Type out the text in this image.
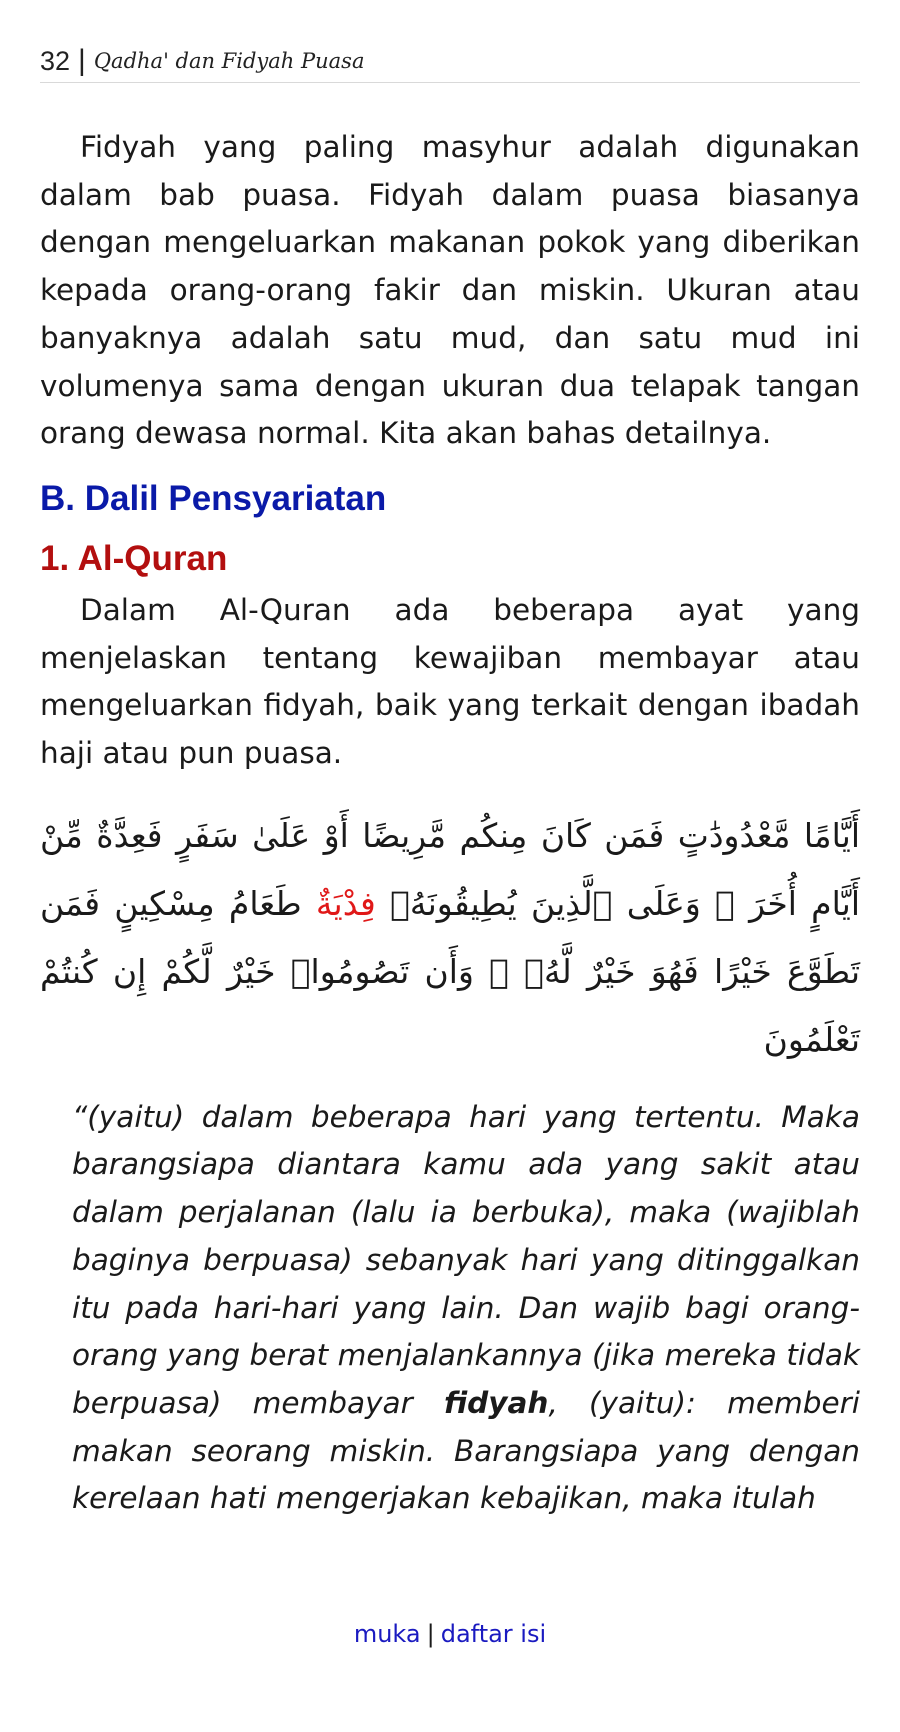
32 | Qadha' dan Fidyah Puasa

Fidyah yang paling masyhur adalah digunakan dalam bab puasa. Fidyah dalam puasa biasanya dengan mengeluarkan makanan pokok yang diberikan kepada orang-orang fakir dan miskin. Ukuran atau banyaknya adalah satu mud, dan satu mud ini volumenya sama dengan ukuran dua telapak tangan orang dewasa normal. Kita akan bahas detailnya.

B. Dalil Pensyariatan
1. Al-Quran

Dalam Al-Quran ada beberapa ayat yang menjelaskan tentang kewajiban membayar atau mengeluarkan fidyah, baik yang terkait dengan ibadah haji atau pun puasa.

أَيَّامًا مَّعْدُودَٰتٍ فَمَن كَانَ مِنكُم مَّرِيضًا أَوْ عَلَىٰ سَفَرٍ فَعِدَّةٌ مِّنْ أَيَّامٍ أُخَرَ ۚ وَعَلَى ٱلَّذِينَ يُطِيقُونَهُۥ فِدْيَةٌ طَعَامُ مِسْكِينٍ فَمَن تَطَوَّعَ خَيْرًا فَهُوَ خَيْرٌ لَّهُۥ ۚ وَأَن تَصُومُوا۟ خَيْرٌ لَّكُمْ إِن كُنتُمْ تَعْلَمُونَ

“(yaitu) dalam beberapa hari yang tertentu. Maka barangsiapa diantara kamu ada yang sakit atau dalam perjalanan (lalu ia berbuka), maka (wajiblah baginya berpuasa) sebanyak hari yang ditinggalkan itu pada hari-hari yang lain. Dan wajib bagi orang-orang yang berat menjalankannya (jika mereka tidak berpuasa) membayar fidyah, (yaitu): memberi makan seorang miskin. Barangsiapa yang dengan kerelaan hati mengerjakan kebajikan, maka itulah

muka | daftar isi
